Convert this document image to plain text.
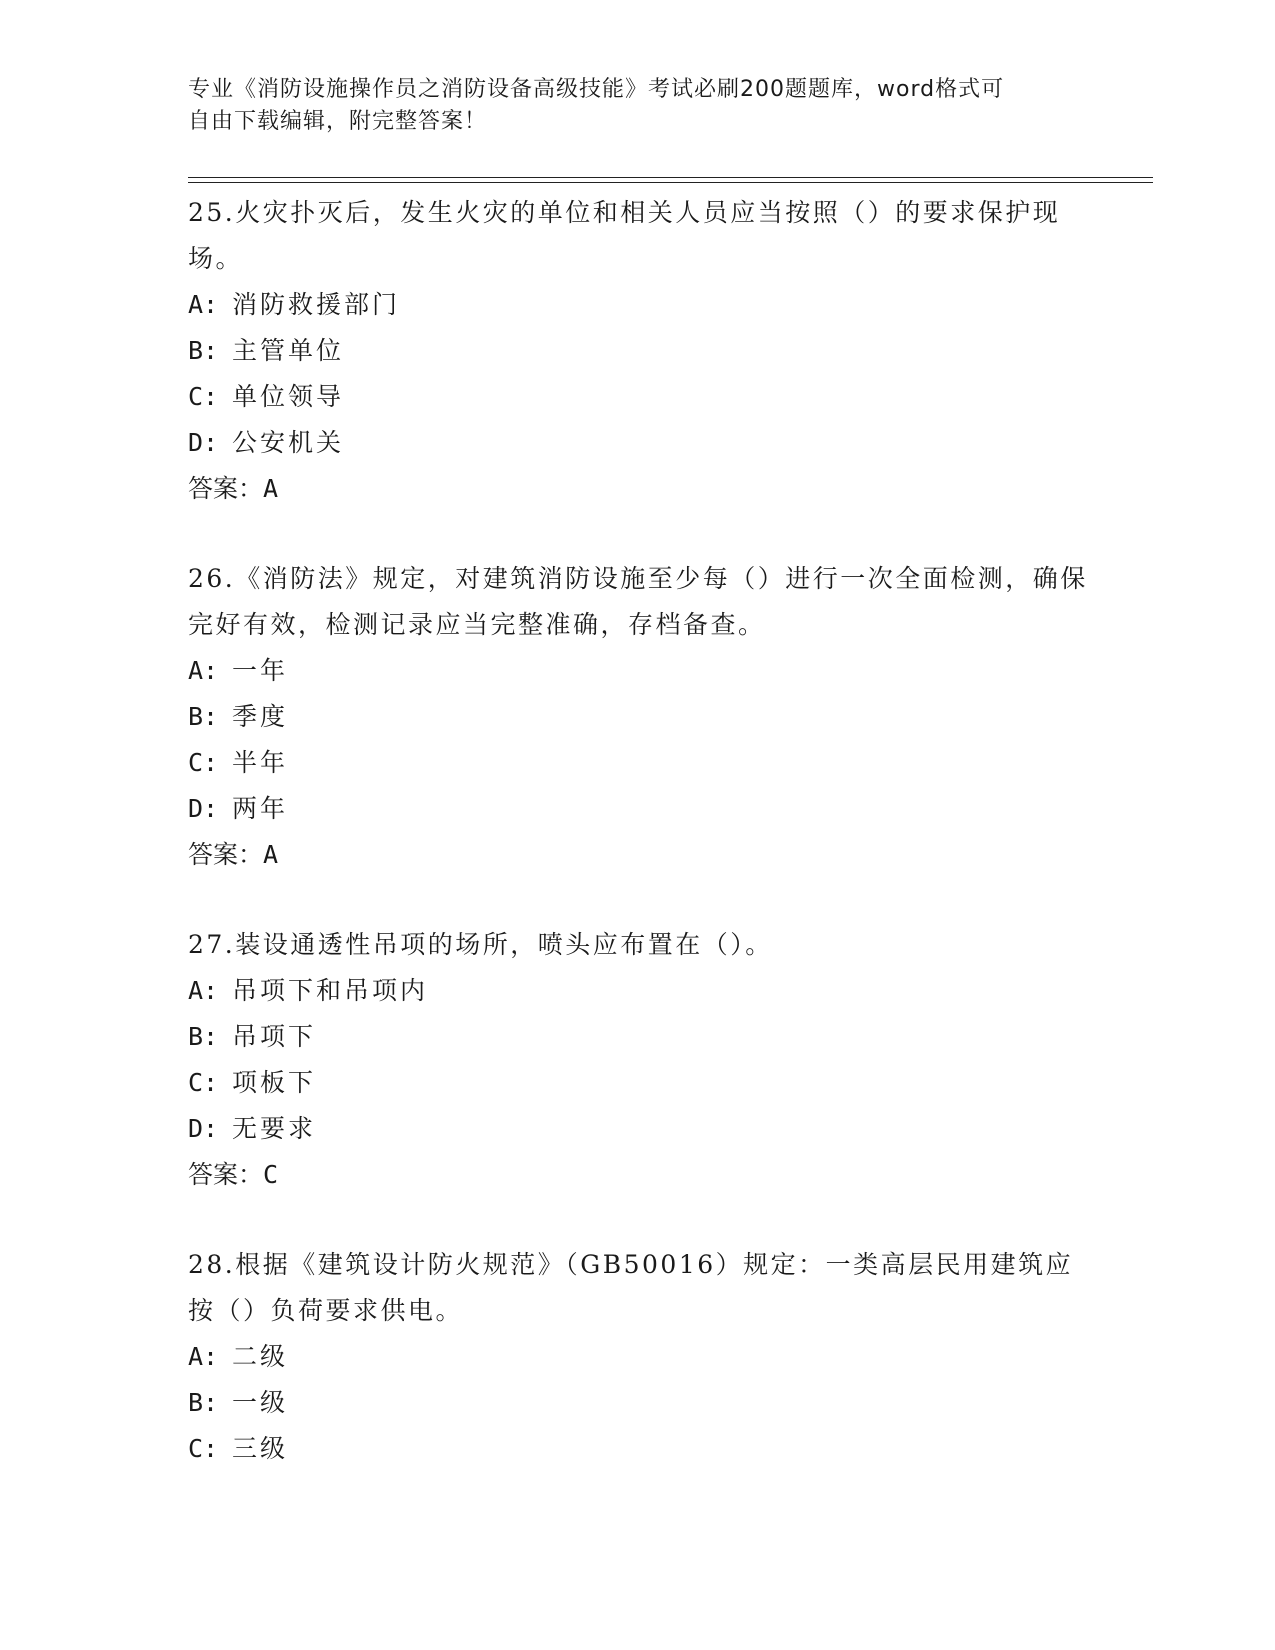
专业《消防设施操作员之消防设备高级技能》考试必刷200题题库，word格式可

自由下载编辑，附完整答案！

25.火灾扑灭后，发生火灾的单位和相关人员应当按照（）的要求保护现场。

A: 消防救援部门

B: 主管单位

C: 单位领导

D: 公安机关

答案：A

26.《消防法》规定，对建筑消防设施至少每（）进行一次全面检测，确保完好有效，检测记录应当完整准确，存档备查。

A: 一年

B: 季度

C: 半年

D: 两年

答案：A

27.装设通透性吊项的场所，喷头应布置在（）。

A: 吊项下和吊项内

B: 吊项下

C: 项板下

D: 无要求

答案：C

28.根据《建筑设计防火规范》（GB50016）规定：一类高层民用建筑应按（）负荷要求供电。

A: 二级

B: 一级

C: 三级
